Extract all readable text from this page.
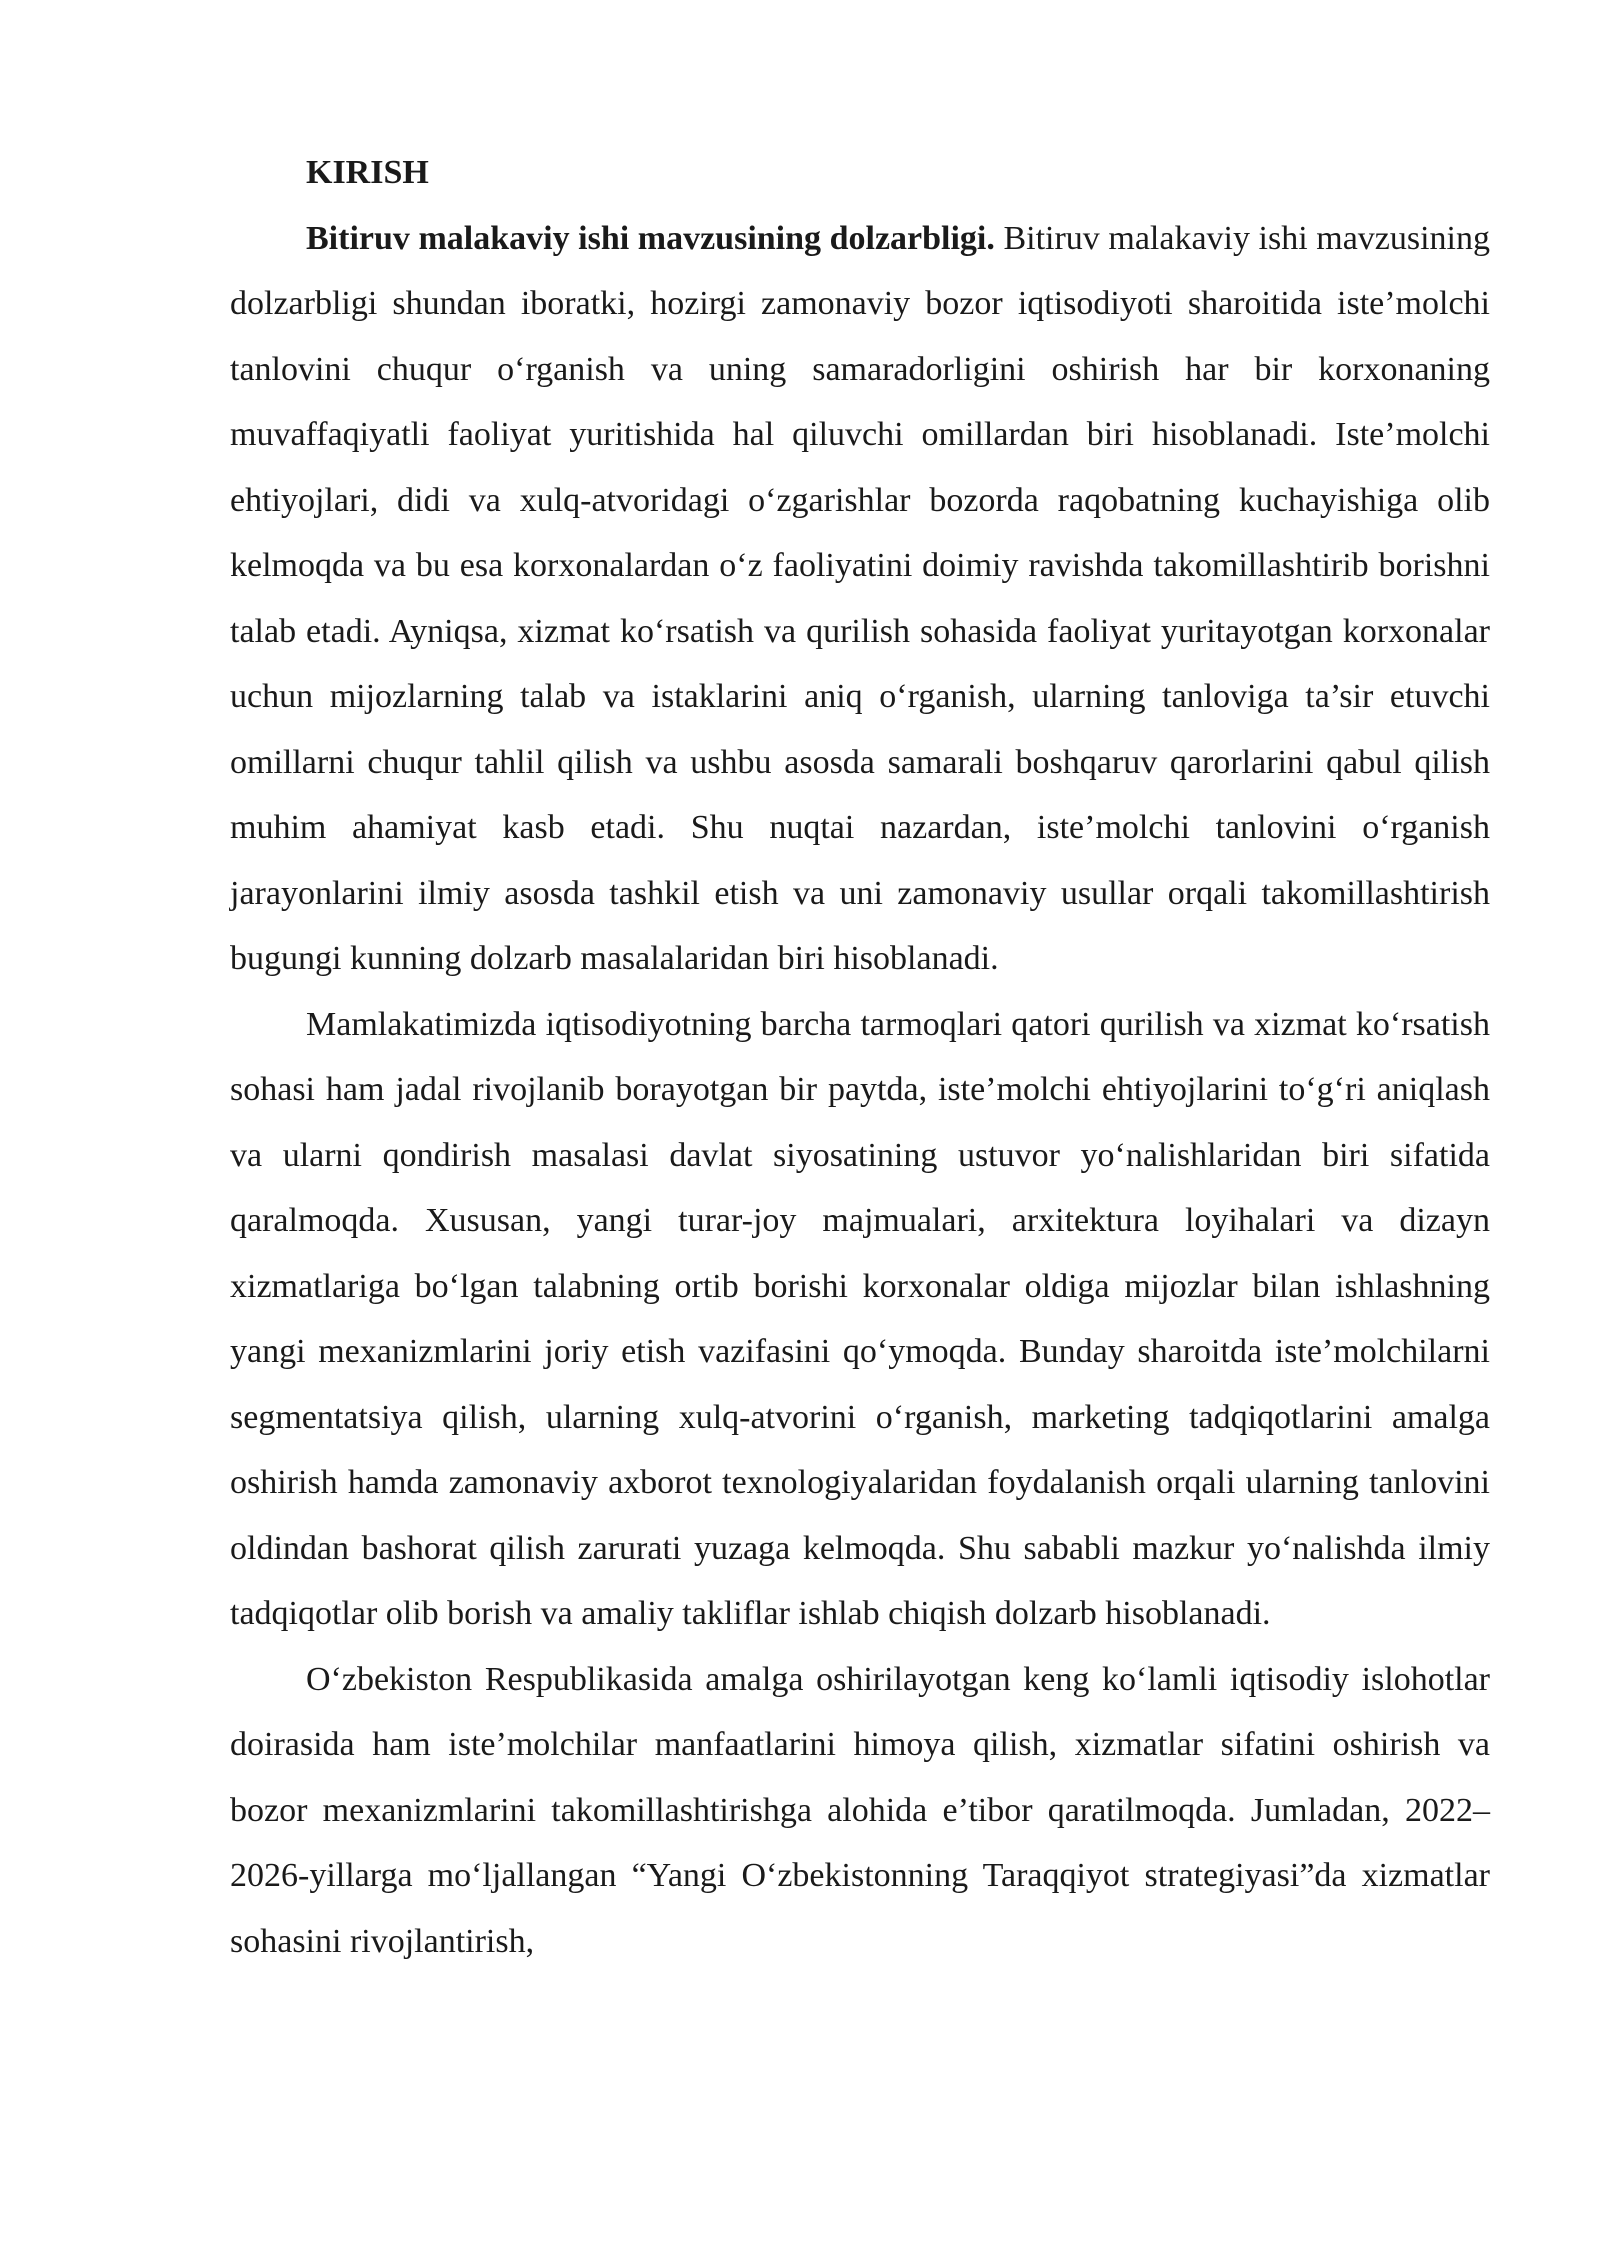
KIRISH

Bitiruv malakaviy ishi mavzusining dolzarbligi. Bitiruv malakaviy ishi mavzusining dolzarbligi shundan iboratki, hozirgi zamonaviy bozor iqtisodiyoti sharoitida iste’molchi tanlovini chuqur o‘rganish va uning samaradorligini oshirish har bir korxonaning muvaffaqiyatli faoliyat yuritishida hal qiluvchi omillardan biri hisoblanadi. Iste’molchi ehtiyojlari, didi va xulq-atvoridagi o‘zgarishlar bozorda raqobatning kuchayishiga olib kelmoqda va bu esa korxonalardan o‘z faoliyatini doimiy ravishda takomillashtirib borishni talab etadi. Ayniqsa, xizmat ko‘rsatish va qurilish sohasida faoliyat yuritayotgan korxonalar uchun mijozlarning talab va istaklarini aniq o‘rganish, ularning tanloviga ta’sir etuvchi omillarni chuqur tahlil qilish va ushbu asosda samarali boshqaruv qarorlarini qabul qilish muhim ahamiyat kasb etadi. Shu nuqtai nazardan, iste’molchi tanlovini o‘rganish jarayonlarini ilmiy asosda tashkil etish va uni zamonaviy usullar orqali takomillashtirish bugungi kunning dolzarb masalalaridan biri hisoblanadi.

Mamlakatimizda iqtisodiyotning barcha tarmoqlari qatori qurilish va xizmat ko‘rsatish sohasi ham jadal rivojlanib borayotgan bir paytda, iste’molchi ehtiyojlarini to‘g‘ri aniqlash va ularni qondirish masalasi davlat siyosatining ustuvor yo‘nalishlaridan biri sifatida qaralmoqda. Xususan, yangi turar-joy majmualari, arxitektura loyihalari va dizayn xizmatlariga bo‘lgan talabning ortib borishi korxonalar oldiga mijozlar bilan ishlashning yangi mexanizmlarini joriy etish vazifasini qo‘ymoqda. Bunday sharoitda iste’molchilarni segmentatsiya qilish, ularning xulq-atvorini o‘rganish, marketing tadqiqotlarini amalga oshirish hamda zamonaviy axborot texnologiyalaridan foydalanish orqali ularning tanlovini oldindan bashorat qilish zarurati yuzaga kelmoqda. Shu sababli mazkur yo‘nalishda ilmiy tadqiqotlar olib borish va amaliy takliflar ishlab chiqish dolzarb hisoblanadi.

O‘zbekiston Respublikasida amalga oshirilayotgan keng ko‘lamli iqtisodiy islohotlar doirasida ham iste’molchilar manfaatlarini himoya qilish, xizmatlar sifatini oshirish va bozor mexanizmlarini takomillashtirishga alohida e’tibor qaratilmoqda. Jumladan, 2022–2026-yillarga mo‘ljallangan “Yangi O‘zbekistonning Taraqqiyot strategiyasi”da xizmatlar sohasini rivojlantirish,
